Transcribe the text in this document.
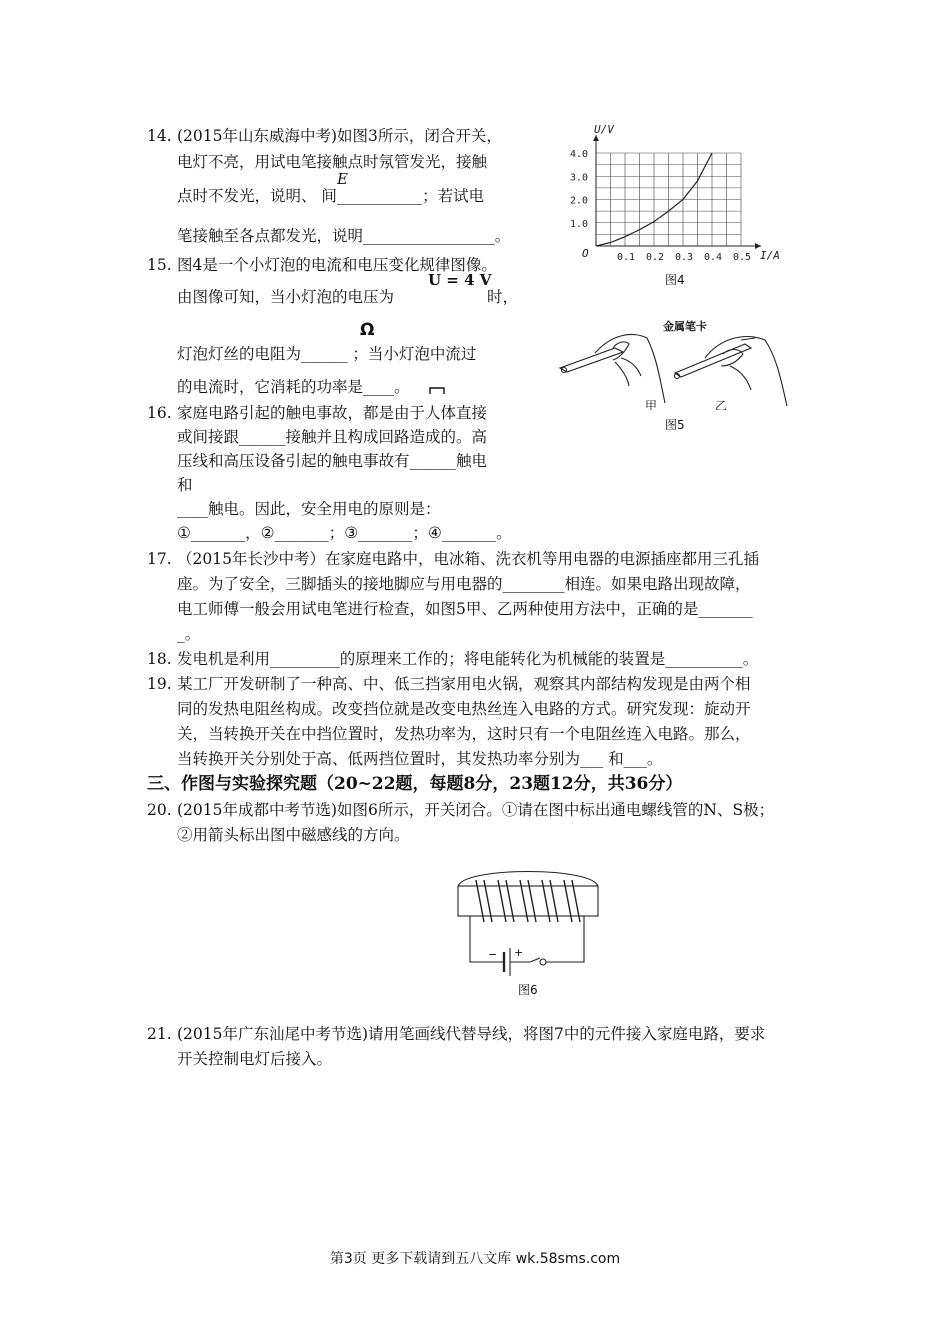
14. (2015年山东威海中考)如图3所示，闭合开关，
电灯不亮，用试电笔接触点时氖管发光，接触
E
点时不发光，说明、 间___________；若试电
笔接触至各点都发光，说明_________________。
15. 图4是一个小灯泡的电流和电压变化规律图像。
U = 4 V
由图像可知，当小灯泡的电压为	时，
Ω
灯泡灯丝的电阻为______ ；当小灯泡中流过
的电流时，它消耗的功率是____。
16. 家庭电路引起的触电事故，都是由于人体直接
或间接跟______接触并且构成回路造成的。高
压线和高压设备引起的触电事故有______触电
和
____触电。因此，安全用电的原则是：
①_______，②_______；③_______；④_______。
17. （2015年长沙中考）在家庭电路中，电冰箱、洗衣机等用电器的电源插座都用三孔插
座。为了安全，三脚插头的接地脚应与用电器的________相连。如果电路出现故障，
电工师傅一般会用试电笔进行检查，如图5甲、乙两种使用方法中，正确的是_______
_。
18. 发电机是利用_________的原理来工作的；将电能转化为机械能的装置是__________。
19. 某工厂开发研制了一种高、中、低三挡家用电火锅，观察其内部结构发现是由两个相
同的发热电阻丝构成。改变挡位就是改变电热丝连入电路的方式。研究发现：旋动开
关，当转换开关在中挡位置时，发热功率为，这时只有一个电阻丝连入电路。那么，
当转换开关分别处于高、低两挡位置时，其发热功率分别为___ 和___。
三、作图与实验探究题（20~22题，每题8分，23题12分，共36分）
20. (2015年成都中考节选)如图6所示，开关闭合。①请在图中标出通电螺线管的N、S极；
②用箭头标出图中磁感线的方向。
21. (2015年广东汕尾中考节选)请用笔画线代替导线，将图7中的元件接入家庭电路，要求
开关控制电灯后接入。
0.1 0.2 0.3 0.4 0.5
1.0
2.0
3.0
4.0
U/V
I/A
O
图4
金属笔卡
甲	乙
图5
− +
图6
第3页 更多下载请到五八文库 wk.58sms.com
